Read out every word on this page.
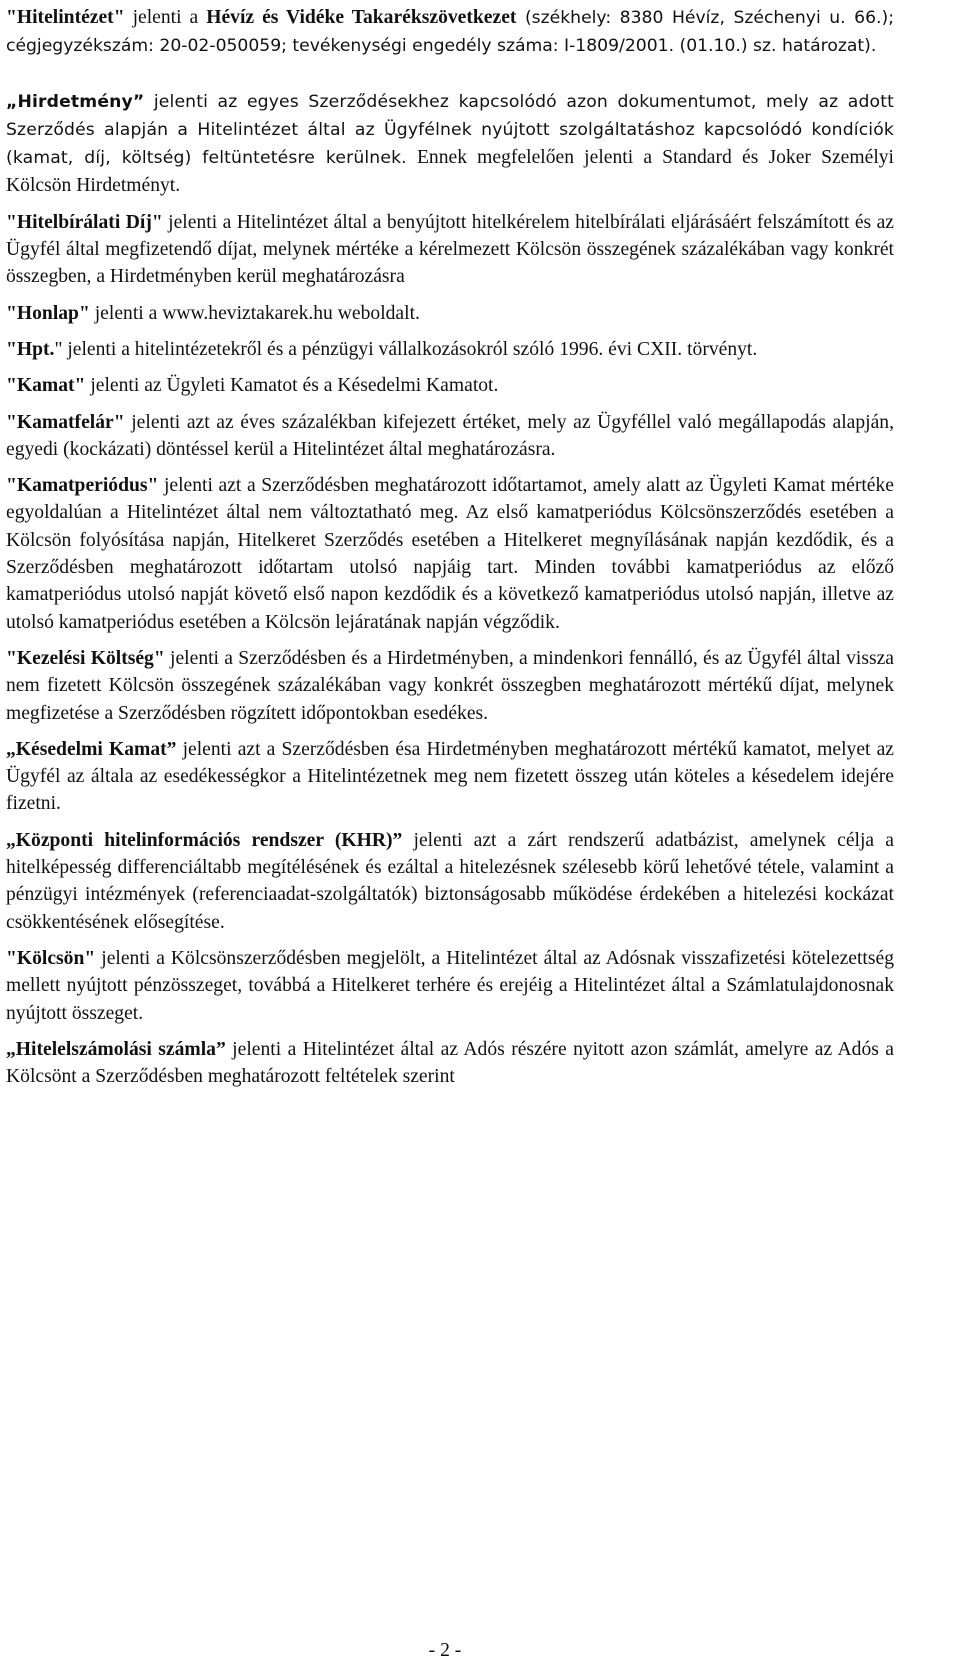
"Hitelintézet" jelenti a Hévíz és Vidéke Takarékszövetkezet (székhely: 8380 Hévíz, Széchenyi u. 66.); cégjegyzékszám: 20-02-050059; tevékenységi engedély száma: I-1809/2001. (01.10.) sz. határozat).

„Hirdetmény” jelenti az egyes Szerződésekhez kapcsolódó azon dokumentumot, mely az adott Szerződés alapján a Hitelintézet által az Ügyfélnek nyújtott szolgáltatáshoz kapcsolódó kondíciók (kamat, díj, költség) feltüntetésre kerülnek. Ennek megfelelően jelenti a Standard és Joker Személyi Kölcsön Hirdetményt.

"Hitelbírálati Díj" jelenti a Hitelintézet által a benyújtott hitelkérelem hitelbírálati eljárásáért felszámított és az Ügyfél által megfizetendő díjat, melynek mértéke a kérelmezett Kölcsön összegének százalékában vagy konkrét összegben, a Hirdetményben kerül meghatározásra

"Honlap" jelenti a www.heviztakarek.hu weboldalt.

"Hpt." jelenti a hitelintézetekről és a pénzügyi vállalkozásokról szóló 1996. évi CXII. törvényt.

"Kamat" jelenti az Ügyleti Kamatot és a Késedelmi Kamatot.

"Kamatfelár" jelenti azt az éves százalékban kifejezett értéket, mely az Ügyféllel való megállapodás alapján, egyedi (kockázati) döntéssel kerül a Hitelintézet által meghatározásra.

"Kamatperiódus" jelenti azt a Szerződésben meghatározott időtartamot, amely alatt az Ügyleti Kamat mértéke egyoldalúan a Hitelintézet által nem változtatható meg. Az első kamatperiódus Kölcsönszerződés esetében a Kölcsön folyósítása napján, Hitelkeret Szerződés esetében a Hitelkeret megnyílásának napján kezdődik, és a Szerződésben meghatározott időtartam utolsó napjáig tart. Minden további kamatperiódus az előző kamatperiódus utolsó napját követő első napon kezdődik és a következő kamatperiódus utolsó napján, illetve az utolsó kamatperiódus esetében a Kölcsön lejáratának napján végződik.

"Kezelési Költség" jelenti a Szerződésben és a Hirdetményben, a mindenkori fennálló, és az Ügyfél által vissza nem fizetett Kölcsön összegének százalékában vagy konkrét összegben meghatározott mértékű díjat, melynek megfizetése a Szerződésben rögzített időpontokban esedékes.

„Késedelmi Kamat” jelenti azt a Szerződésben ésa Hirdetményben meghatározott mértékű kamatot, melyet az Ügyfél az általa az esedékességkor a Hitelintézetnek meg nem fizetett összeg után köteles a késedelem idejére fizetni.

„Központi hitelinformációs rendszer (KHR)” jelenti azt a zárt rendszerű adatbázist, amelynek célja a hitelképesség differenciáltabb megítélésének és ezáltal a hitelezésnek szélesebb körű lehetővé tétele, valamint a pénzügyi intézmények (referenciaadat-szolgáltatók) biztonságosabb működése érdekében a hitelezési kockázat csökkentésének elősegítése.

"Kölcsön" jelenti a Kölcsönszerződésben megjelölt, a Hitelintézet által az Adósnak visszafizetési kötelezettség mellett nyújtott pénzösszeget, továbbá a Hitelkeret terhére és erejéig a Hitelintézet által a Számlatulajdonosnak nyújtott összeget.

„Hitelelszámolási számla” jelenti a Hitelintézet által az Adós részére nyitott azon számlát, amelyre az Adós a Kölcsönt a Szerződésben meghatározott feltételek szerint

- 2 -
